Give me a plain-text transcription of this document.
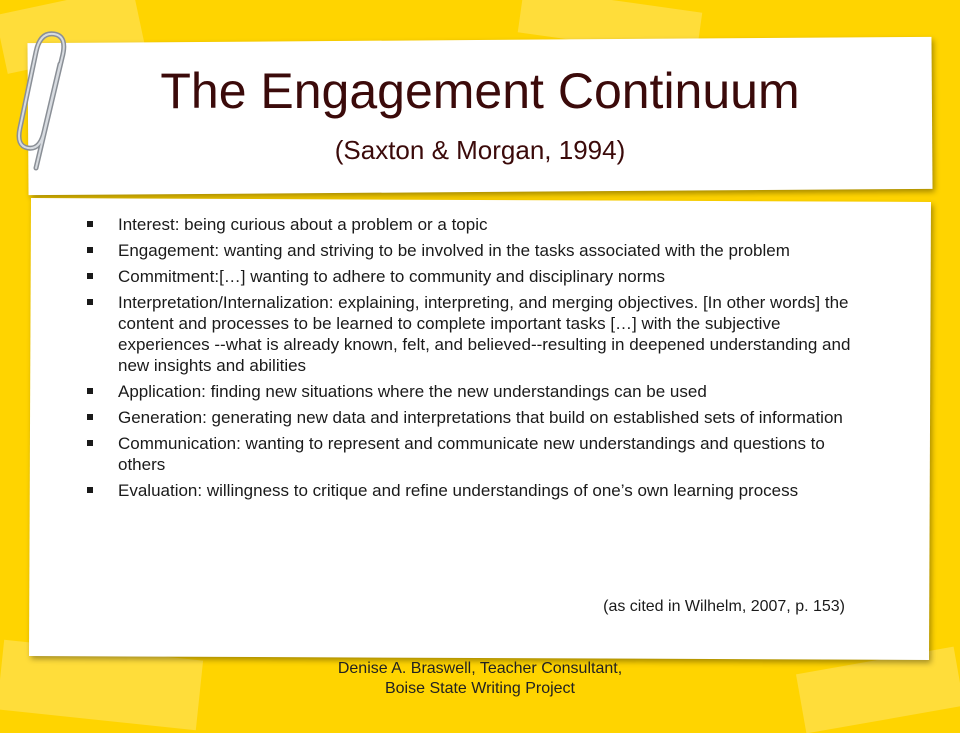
The Engagement Continuum
(Saxton & Morgan, 1994)
Interest: being curious about a problem or a topic
Engagement: wanting and striving to be involved in the tasks associated with the problem
Commitment:[…] wanting to adhere to community and disciplinary norms
Interpretation/Internalization: explaining, interpreting, and merging objectives. [In other words] the content and processes to be learned to complete important tasks […] with the subjective experiences --what is already known, felt, and believed--resulting in deepened understanding and new insights and abilities
Application: finding new situations where the new understandings can be used
Generation: generating new data and interpretations that build on established sets of information
Communication: wanting to represent and communicate new understandings and questions to others
Evaluation: willingness to critique and refine understandings of one’s own learning process
(as cited in Wilhelm, 2007, p. 153)
Denise A. Braswell, Teacher Consultant, Boise State Writing Project
